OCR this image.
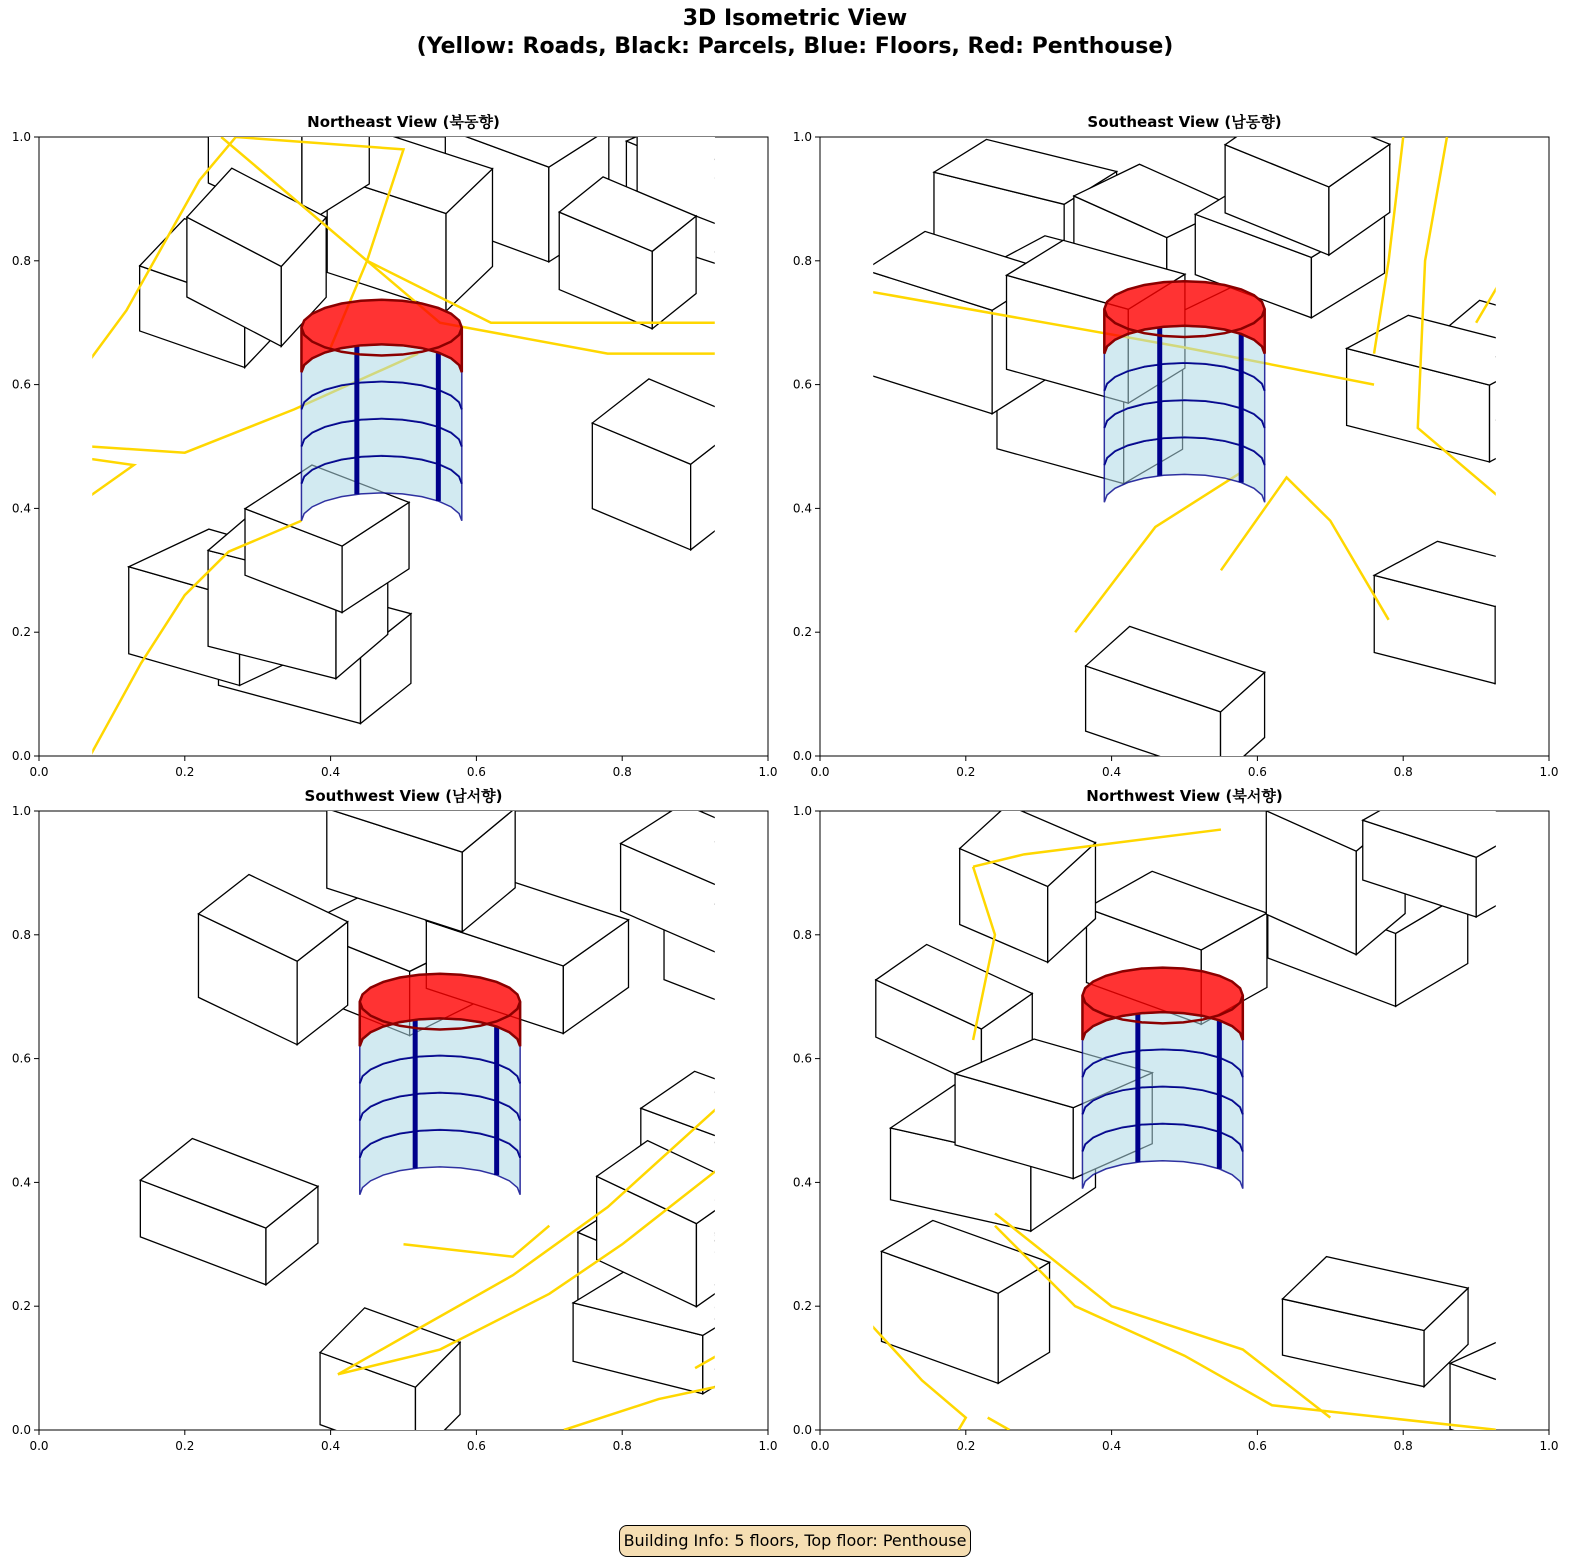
3D Isometric View
(Yellow: Roads, Black: Parcels, Blue: Floors, Red: Penthouse)
0.0	0.2	0.4	0.6	0.8	1.0
0.0
0.2
0.4
0.6
0.8
1.0
Northeast View (북동향)
0.0	0.2	0.4	0.6	0.8	1.0
0.0
0.2
0.4
0.6
0.8
1.0
Southeast View (남동향)
0.0	0.2	0.4	0.6	0.8	1.0
0.0
0.2
0.4
0.6
0.8
1.0
Southwest View (남서향)
0.0	0.2	0.4	0.6	0.8	1.0
0.0
0.2
0.4
0.6
0.8
1.0
Northwest View (북서향)
Building Info: 5 floors, Top floor: Penthouse
